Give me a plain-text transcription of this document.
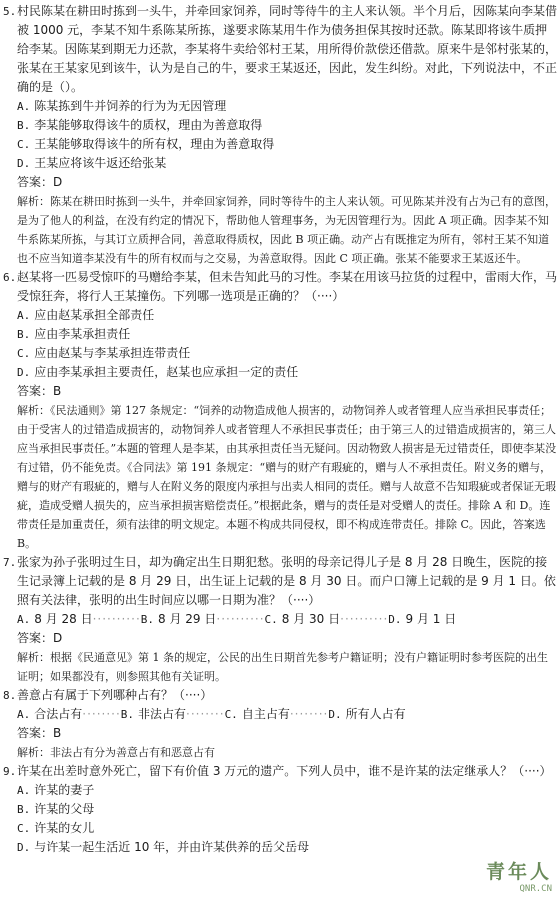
5. 村民陈某在耕田时拣到一头牛，并牵回家饲养，同时等待牛的主人来认领。半个月后，因陈某向李某借被 1000 元，李某不知牛系陈某所拣，遂要求陈某用牛作为债务担保其按时还款。陈某即将该牛质押给李某。因陈某到期无力还款，李某将牛卖给邻村王某，用所得价款偿还借款。原来牛是邻村张某的，张某在王某家见到该牛，认为是自己的牛，要求王某返还，因此，发生纠纷。对此，下列说法中，不正确的是（）。
A. 陈某拣到牛并饲养的行为为无因管理
B. 李某能够取得该牛的质权，理由为善意取得
C. 王某能够取得该牛的所有权，理由为善意取得
D. 王某应将该牛返还给张某
答案：D
解析：陈某在耕田时拣到一头牛，并牵回家饲养，同时等待牛的主人来认领。可见陈某并没有占为己有的意图，是为了他人的利益，在没有约定的情况下，帮助他人管理事务，为无因管理行为。因此 A 项正确。因李某不知牛系陈某所拣，与其订立质押合同，善意取得质权，因此 B 项正确。动产占有既推定为所有，邻村王某不知道也不应当知道李某没有牛的所有权而与之交易，为善意取得。因此 C 项正确。张某不能要求王某返还牛。
6. 赵某将一匹易受惊吓的马赠给李某，但未告知此马的习性。李某在用该马拉货的过程中，雷雨大作，马受惊狂奔，将行人王某撞伤。下列哪一选项是正确的？（····）
A. 应由赵某承担全部责任
B. 应由李某承担责任
C. 应由赵某与李某承担连带责任
D. 应由李某承担主要责任，赵某也应承担一定的责任
答案：B
解析：《民法通则》第 127 条规定：“饲养的动物造成他人损害的，动物饲养人或者管理人应当承担民事责任；由于受害人的过错造成损害的，动物饲养人或者管理人不承担民事责任；由于第三人的过错造成损害的，第三人应当承担民事责任。”本题的管理人是李某，由其承担责任当无疑问。因动物致人损害是无过错责任，即使李某没有过错，仍不能免责。《合同法》第 191 条规定：“赠与的财产有瑕疵的，赠与人不承担责任。附义务的赠与，赠与的财产有瑕疵的，赠与人在附义务的限度内承担与出卖人相同的责任。赠与人故意不告知瑕疵或者保证无瑕疵，造成受赠人损失的，应当承担损害赔偿责任。”根据此条，赠与的责任是对受赠人的责任。排除 A 和 D。连带责任是加重责任，须有法律的明文规定。本题不构成共同侵权，即不构成连带责任。排除 C。因此，答案选 B。
7. 张家为孙子张明过生日，却为确定出生日期犯愁。张明的母亲记得儿子是 8 月 28 日晚生，医院的接生记录簿上记载的是 8 月 29 日，出生证上记载的是 8 月 30 日。而户口簿上记载的是 9 月 1 日。依照有关法律，张明的出生时间应以哪一日期为准？（····）
A. 8 月 28 日 ·········· B. 8 月 29 日 ·········· C. 8 月 30 日 ·········· D. 9 月 1 日
答案：D
解析：根据《民通意见》第 1 条的规定，公民的出生日期首先参考户籍证明；没有户籍证明时参考医院的出生证明；如果都没有，则参照其他有关证明。
8. 善意占有属于下列哪种占有？（····）
A. 合法占有 ········ B. 非法占有 ········ C. 自主占有 ········ D. 所有人占有
答案：B
解析：非法占有分为善意占有和恶意占有
9. 许某在出差时意外死亡，留下有价值 3 万元的遗产。下列人员中，谁不是许某的法定继承人？（····）
A. 许某的妻子
B. 许某的父母
C. 许某的女儿
D. 与许某一起生活近 10 年，并由许某供养的岳父岳母
青年人
QNR.CN
